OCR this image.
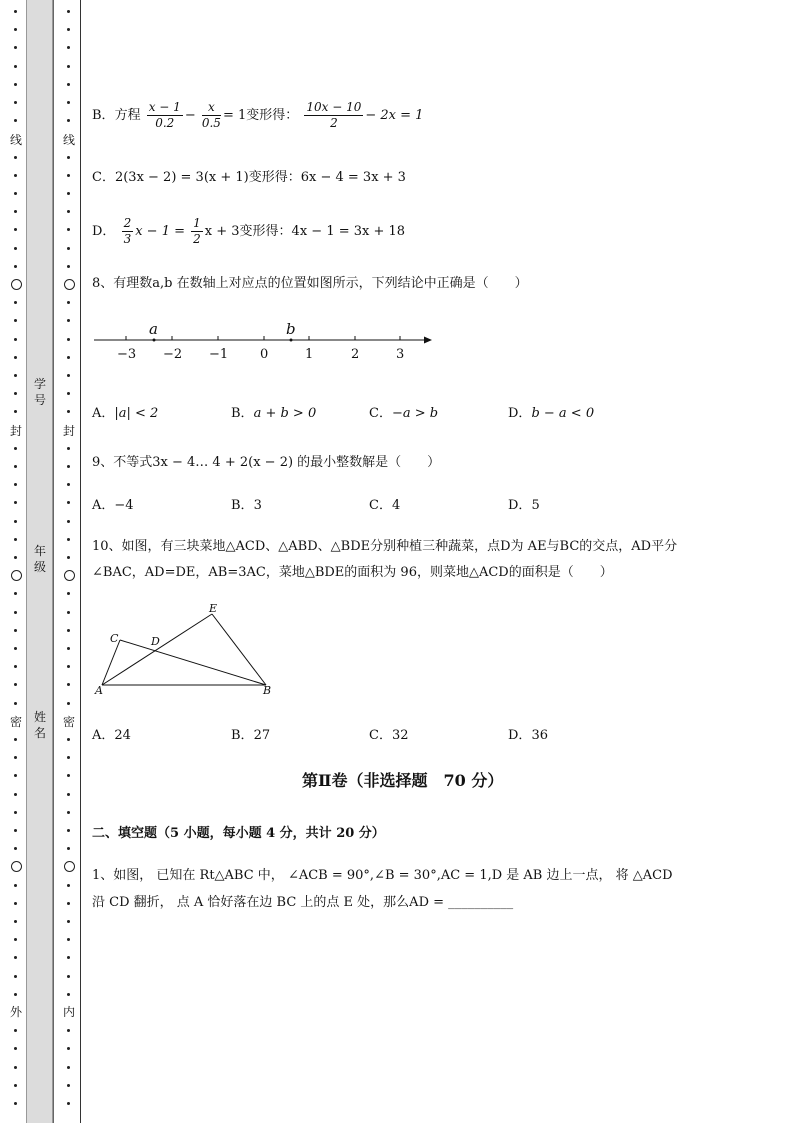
线
封
密
外
线
封
密
内
学号
年级
姓名
B．方程 $\frac{x - 1}{0.2} - \frac{x}{0.5} = 1$变形得： $\frac{10x - 10}{2} - 2x = 1$
C．2(3x − 2) = 3(x + 1)变形得：6x − 4 = 3x + 3
D． $\frac{2}{3}$ $x - 1 = \frac{1}{2}$ x + 3变形得：4x − 1 = 3x + 18
8、有理数a,b 在数轴上对应点的位置如图所示，下列结论中正确是（　　）
a	b
−3 −2 −1 0	1	2	3
A．|a| < 2	B．a + b > 0	C．−a > b	D．b − a < 0
9、不等式3x − 4… 4 + 2(x − 2) 的最小整数解是（　　）
A．−4	B．3	C．4	D．5
10、如图，有三块菜地△ACD、△ABD、△BDE分别种植三种蔬菜，点D为 AE与BC的交点，AD平分
∠BAC，AD=DE，AB=3AC，菜地△BDE的面积为 96，则菜地△ACD的面积是（　　）
A	B
C	D
E
A．24	B．27	C．32	D．36
第Ⅱ卷（非选择题　70 分）
二、填空题（5 小题，每小题 4 分，共计 20 分）
1、如图， 已知在 Rt△ABC 中， ∠ACB = 90°,∠B = 30°,AC = 1,D 是 AB 边上一点， 将 △ACD
沿 CD 翻折， 点 A 恰好落在边 BC 上的点 E 处，那么AD = __________
